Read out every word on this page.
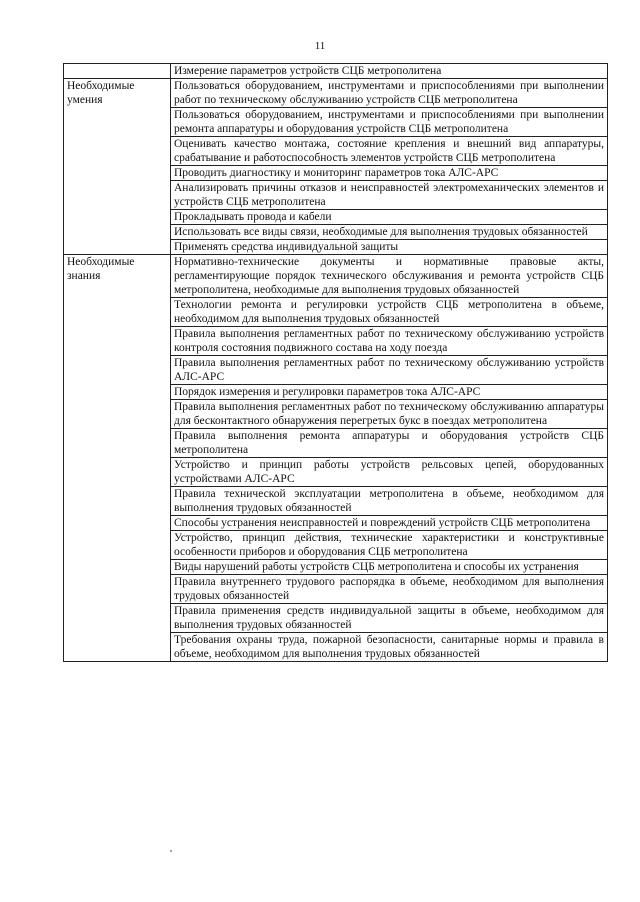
11
	Измерение параметров устройств СЦБ метрополитена
Необходимые умения	Пользоваться оборудованием, инструментами и приспособлениями при выполнении работ по техническому обслуживанию устройств СЦБ метрополитена
	Пользоваться оборудованием, инструментами и приспособлениями при выполнении ремонта аппаратуры и оборудования устройств СЦБ метрополитена
	Оценивать качество монтажа, состояние крепления и внешний вид аппаратуры, срабатывание и работоспособность элементов устройств СЦБ метрополитена
	Проводить диагностику и мониторинг параметров тока АЛС-АРС
	Анализировать причины отказов и неисправностей электромеханических элементов и устройств СЦБ метрополитена
	Прокладывать провода и кабели
	Использовать все виды связи, необходимые для выполнения трудовых обязанностей
	Применять средства индивидуальной защиты
Необходимые знания	Нормативно-технические документы и нормативные правовые акты, регламентирующие порядок технического обслуживания и ремонта устройств СЦБ метрополитена, необходимые для выполнения трудовых обязанностей
	Технологии ремонта и регулировки устройств СЦБ метрополитена в объеме, необходимом для выполнения трудовых обязанностей
	Правила выполнения регламентных работ по техническому обслуживанию устройств контроля состояния подвижного состава на ходу поезда
	Правила выполнения регламентных работ по техническому обслуживанию устройств АЛС-АРС
	Порядок измерения и регулировки параметров тока АЛС-АРС
	Правила выполнения регламентных работ по техническому обслуживанию аппаратуры для бесконтактного обнаружения перегретых букс в поездах метрополитена
	Правила выполнения ремонта аппаратуры и оборудования устройств СЦБ метрополитена
	Устройство и принцип работы устройств рельсовых цепей, оборудованных устройствами АЛС-АРС
	Правила технической эксплуатации метрополитена в объеме, необходимом для выполнения трудовых обязанностей
	Способы устранения неисправностей и повреждений устройств СЦБ метрополитена
	Устройство, принцип действия, технические характеристики и конструктивные особенности приборов и оборудования СЦБ метрополитена
	Виды нарушений работы устройств СЦБ метрополитена и способы их устранения
	Правила внутреннего трудового распорядка в объеме, необходимом для выполнения трудовых обязанностей
	Правила применения средств индивидуальной защиты в объеме, необходимом для выполнения трудовых обязанностей
	Требования охраны труда, пожарной безопасности, санитарные нормы и правила в объеме, необходимом для выполнения трудовых обязанностей
